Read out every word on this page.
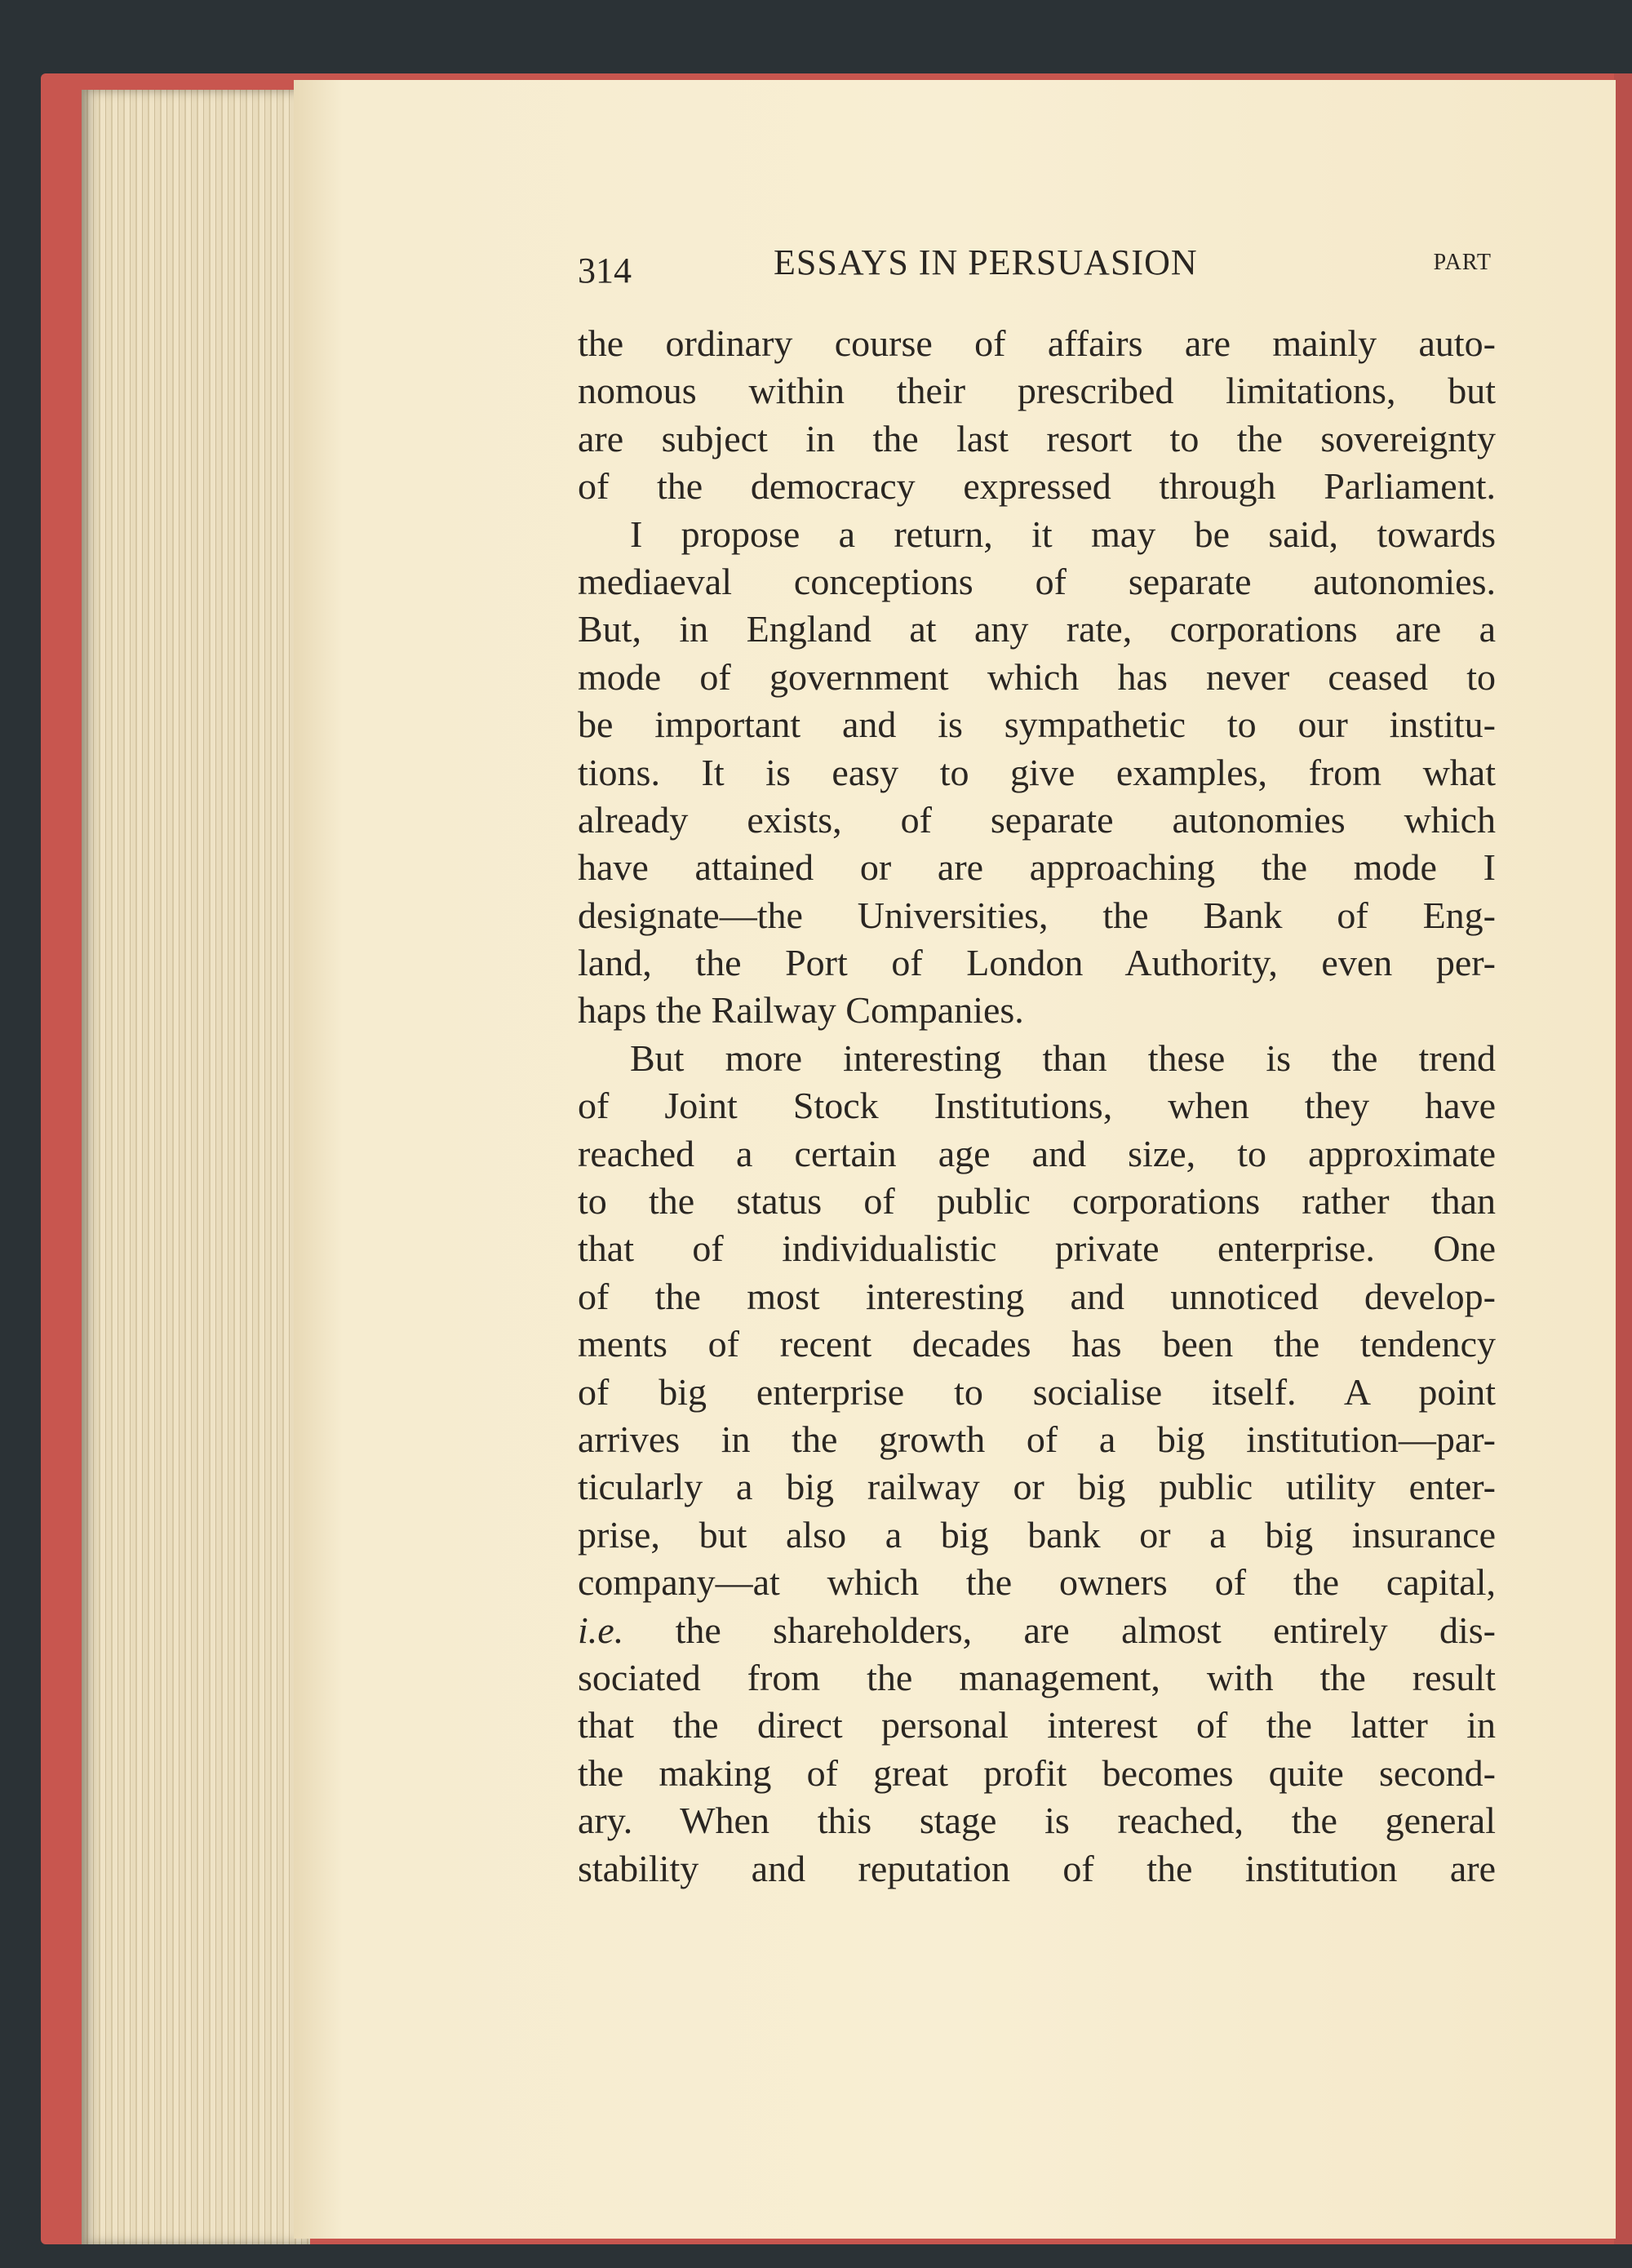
314	ESSAYS IN PERSUASION	PART
the ordinary course of affairs are mainly auto-
nomous within their prescribed limitations, but
are subject in the last resort to the sovereignty
of the democracy expressed through Parliament.
I propose a return, it may be said, towards
mediaeval conceptions of separate autonomies.
But, in England at any rate, corporations are a
mode of government which has never ceased to
be important and is sympathetic to our institu-
tions. It is easy to give examples, from what
already exists, of separate autonomies which
have attained or are approaching the mode I
designate—the Universities, the Bank of Eng-
land, the Port of London Authority, even per-
haps the Railway Companies.
But more interesting than these is the trend
of Joint Stock Institutions, when they have
reached a certain age and size, to approximate
to the status of public corporations rather than
that of individualistic private enterprise. One
of the most interesting and unnoticed develop-
ments of recent decades has been the tendency
of big enterprise to socialise itself. A point
arrives in the growth of a big institution—par-
ticularly a big railway or big public utility enter-
prise, but also a big bank or a big insurance
company—at which the owners of the capital,
i.e. the shareholders, are almost entirely dis-
sociated from the management, with the result
that the direct personal interest of the latter in
the making of great profit becomes quite second-
ary. When this stage is reached, the general
stability and reputation of the institution are
